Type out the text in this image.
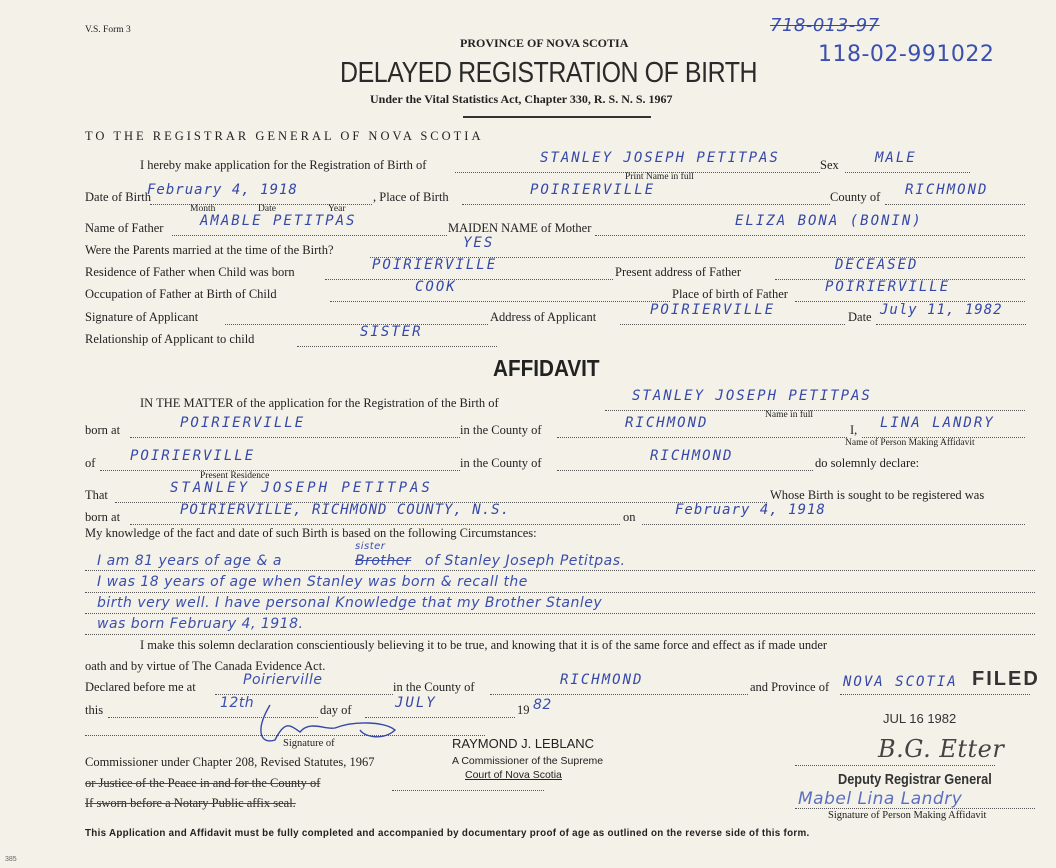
V.S. Form 3	718-013-97
118-02-991022
PROVINCE OF NOVA SCOTIA
DELAYED REGISTRATION OF BIRTH
Under the Vital Statistics Act, Chapter 330, R. S. N. S. 1967
TO THE REGISTRAR GENERAL OF NOVA SCOTIA
I hereby make application for the Registration of Birth of	STANLEY JOSEPH PETITPAS
Print Name in full
Sex	MALE
Date of Birth
February 4, 1918
Month	Date	Year
, Place of Birth	POIRIERVILLE	County of RICHMOND
Name of Father	AMABLE PETITPAS	MAIDEN NAME of Mother	ELIZA BONA (BONIN)
Were the Parents married at the time of the Birth?	YES
Residence of Father when Child was born	POIRIERVILLE	Present address of Father	DECEASED
Occupation of Father at Birth of Child	COOK	Place of birth of Father	POIRIERVILLE
Signature of Applicant	Address of Applicant	POIRIERVILLE	Date July 11, 1982
Relationship of Applicant to child	SISTER
AFFIDAVIT
IN THE MATTER of the application for the Registration of the Birth of	STANLEY JOSEPH PETITPAS
Name in full
born at	POIRIERVILLE	in the County of	RICHMOND	I, LINA LANDRY
Name of Person Making Affidavit
of POIRIERVILLE
Present Residence
in the County of	RICHMOND	do solemnly declare:
That	STANLEY JOSEPH PETITPAS	Whose Birth is sought to be registered was
born at	POIRIERVILLE, RICHMOND COUNTY, N.S.	on	February 4, 1918
My knowledge of the fact and date of such Birth is based on the following Circumstances:
I am 81 years of age & a
sister
Brother of Stanley Joseph Petitpas.
I was 18 years of age when Stanley was born & recall the
birth very well. I have personal Knowledge that my Brother Stanley
was born February 4, 1918.
I make this solemn declaration conscientiously believing it to be true, and knowing that it is of the same force and effect as if made under
oath and by virtue of The Canada Evidence Act.
Declared before me at	Poirierville	in the County of	RICHMOND	and Province of NOVA SCOTIA FILED
this	12th	day of	JULY	19 82
JUL 16 1982
Signature of	RAYMOND J. LEBLANC
Commissioner under Chapter 208, Revised Statutes, 1967	A Commissioner of the Supreme
Court of Nova Scotia
or Justice of the Peace in and for the County of
If sworn before a Notary Public affix seal.
B.G. Etter
Deputy Registrar General
Mabel Lina Landry
Signature of Person Making Affidavit
This Application and Affidavit must be fully completed and accompanied by documentary proof of age as outlined on the reverse side of this form.
385
